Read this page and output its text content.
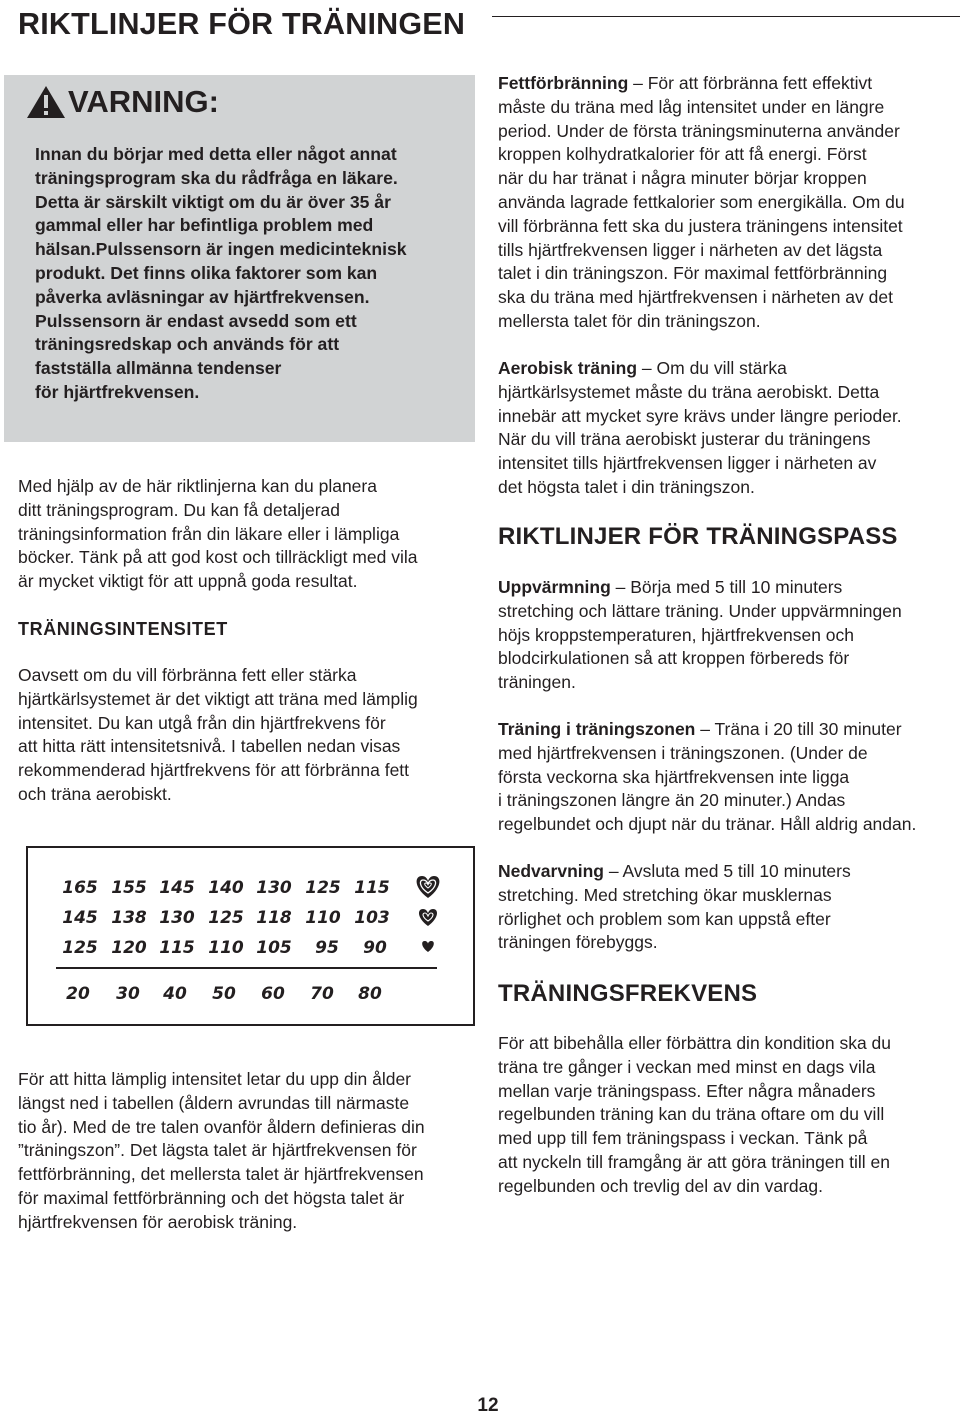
RIKTLINJER FÖR TRÄNINGEN
VARNING:
Innan du börjar med detta eller något annat
träningsprogram ska du rådfråga en läkare.
Detta är särskilt viktigt om du är över 35 år
gammal eller har befintliga problem med
hälsan.Pulssensorn är ingen medicinteknisk
produkt. Det finns olika faktorer som kan
påverka avläsningar av hjärtfrekvensen.
Pulssensorn är endast avsedd som ett
träningsredskap och används för att
fastställa allmänna tendenser
för hjärtfrekvensen.
Med hjälp av de här riktlinjerna kan du planera
ditt träningsprogram. Du kan få detaljerad
träningsinformation från din läkare eller i lämpliga
böcker. Tänk på att god kost och tillräckligt med vila
är mycket viktigt för att uppnå goda resultat.
TRÄNINGSINTENSITET
Oavsett om du vill förbränna fett eller stärka
hjärtkärlsystemet är det viktigt att träna med lämplig
intensitet. Du kan utgå från din hjärtfrekvens för
att hitta rätt intensitetsnivå. I tabellen nedan visas
rekommenderad hjärtfrekvens för att förbränna fett
och träna aerobiskt.
165 155 145 140 130 125 115
145 138 130 125 118 110 103
125 120 115 110 105 95 90
20 30 40 50 60 70 80
För att hitta lämplig intensitet letar du upp din ålder
längst ned i tabellen (åldern avrundas till närmaste
tio år). Med de tre talen ovanför åldern definieras din
”träningszon”. Det lägsta talet är hjärtfrekvensen för
fettförbränning, det mellersta talet är hjärtfrekvensen
för maximal fettförbränning och det högsta talet är
hjärtfrekvensen för aerobisk träning.
Fettförbränning – För att förbränna fett effektivt
måste du träna med låg intensitet under en längre
period. Under de första träningsminuterna använder
kroppen kolhydratkalorier för att få energi. Först
när du har tränat i några minuter börjar kroppen
använda lagrade fettkalorier som energikälla. Om du
vill förbränna fett ska du justera träningens intensitet
tills hjärtfrekvensen ligger i närheten av det lägsta
talet i din träningszon. För maximal fettförbränning
ska du träna med hjärtfrekvensen i närheten av det
mellersta talet för din träningszon.
Aerobisk träning – Om du vill stärka
hjärtkärlsystemet måste du träna aerobiskt. Detta
innebär att mycket syre krävs under längre perioder.
När du vill träna aerobiskt justerar du träningens
intensitet tills hjärtfrekvensen ligger i närheten av
det högsta talet i din träningszon.
RIKTLINJER FÖR TRÄNINGSPASS
Uppvärmning – Börja med 5 till 10 minuters
stretching och lättare träning. Under uppvärmningen
höjs kroppstemperaturen, hjärtfrekvensen och
blodcirkulationen så att kroppen förbereds för
träningen.
Träning i träningszonen – Träna i 20 till 30 minuter
med hjärtfrekvensen i träningszonen. (Under de
första veckorna ska hjärtfrekvensen inte ligga
i träningszonen längre än 20 minuter.) Andas
regelbundet och djupt när du tränar. Håll aldrig andan.
Nedvarvning – Avsluta med 5 till 10 minuters
stretching. Med stretching ökar musklernas
rörlighet och problem som kan uppstå efter
träningen förebyggs.
TRÄNINGSFREKVENS
För att bibehålla eller förbättra din kondition ska du
träna tre gånger i veckan med minst en dags vila
mellan varje träningspass. Efter några månaders
regelbunden träning kan du träna oftare om du vill
med upp till fem träningspass i veckan. Tänk på
att nyckeln till framgång är att göra träningen till en
regelbunden och trevlig del av din vardag.
12
